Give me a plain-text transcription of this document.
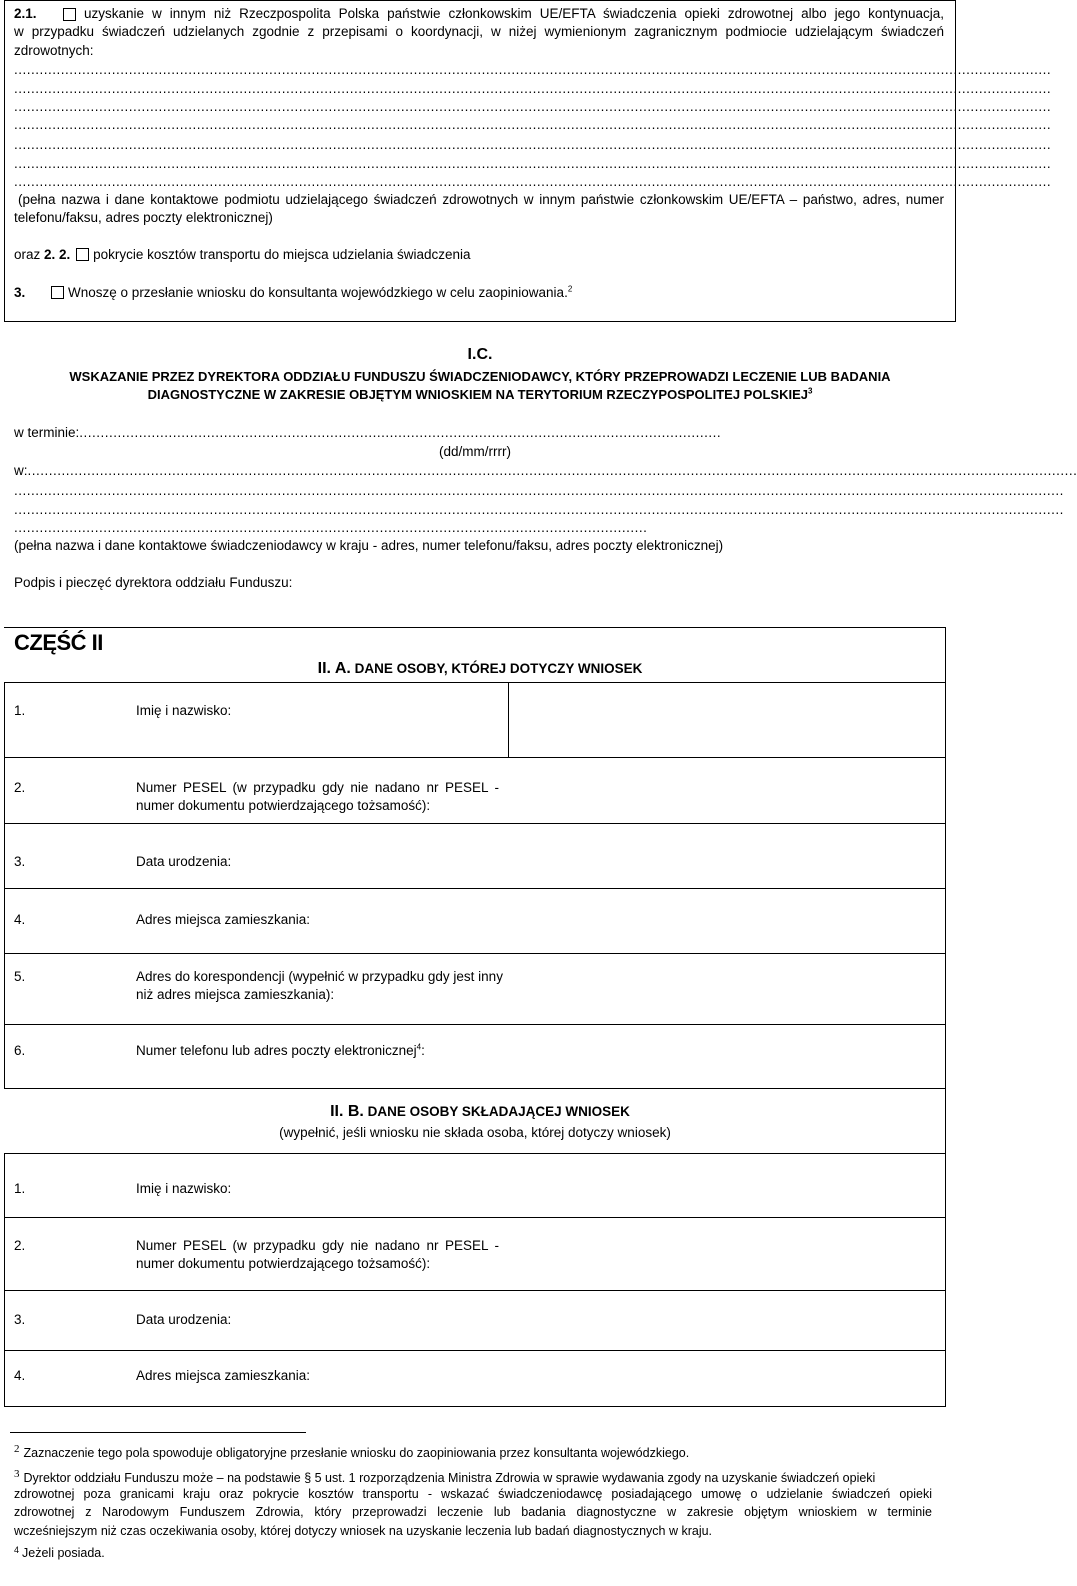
2.1.	uzyskanie w innym niż Rzeczpospolita Polska państwie członkowskim UE/EFTA świadczenia opieki zdrowotnej albo jego kontynuacja,
w przypadku świadczeń udzielanych zgodnie z przepisami o koordynacji, w niżej wymienionym zagranicznym podmiocie udzielającym świadczeń
zdrowotnych:
....................................................................................................................................................................................................................................................
....................................................................................................................................................................................................................................................
....................................................................................................................................................................................................................................................
....................................................................................................................................................................................................................................................
....................................................................................................................................................................................................................................................
....................................................................................................................................................................................................................................................
....................................................................................................................................................................................................................................................
(pełna nazwa i dane kontaktowe podmiotu udzielającego świadczeń zdrowotnych w innym państwie członkowskim UE/EFTA – państwo, adres, numer
telefonu/faksu, adres poczty elektronicznej)
oraz 2. 2. pokrycie kosztów transportu do miejsca udzielania świadczenia
3.	Wnoszę o przesłanie wniosku do konsultanta wojewódzkiego w celu zaopiniowania.$^2$
I.C.
WSKAZANIE PRZEZ DYREKTORA ODDZIAŁU FUNDUSZU ŚWIADCZENIODAWCY, KTÓRY PRZEPROWADZI LECZENIE LUB BADANIA
DIAGNOSTYCZNE W ZAKRESIE OBJĘTYM WNIOSKIEM NA TERYTORIUM RZECZYPOSPOLITEJ POLSKIEJ$^3$
w terminie:.......................................................................................................................................................
(dd/mm/rrrr)
w:.......................................................................................................................................................................................................................................................
.......................................................................................................................................................................................................................................................
.......................................................................................................................................................................................................................................................
.....................................................................................................................................................
(pełna nazwa i dane kontaktowe świadczeniodawcy w kraju - adres, numer telefonu/faksu, adres poczty elektronicznej)
Podpis i pieczęć dyrektora oddziału Funduszu:
CZĘŚĆ II
II. A. DANE OSOBY, KTÓREJ DOTYCZY WNIOSEK
1.	Imię i nazwisko:
2.	Numer PESEL (w przypadku gdy nie nadano nr PESEL -
numer dokumentu potwierdzającego tożsamość):
3.	Data urodzenia:
4.	Adres miejsca zamieszkania:
5.	Adres do korespondencji (wypełnić w przypadku gdy jest inny
niż adres miejsca zamieszkania):
6.	Numer telefonu lub adres poczty elektronicznej$^4$:
II. B. DANE OSOBY SKŁADAJĄCEJ WNIOSEK
(wypełnić, jeśli wniosku nie składa osoba, której dotyczy wniosek)
1.	Imię i nazwisko:
2.	Numer PESEL (w przypadku gdy nie nadano nr PESEL -
numer dokumentu potwierdzającego tożsamość):
3.	Data urodzenia:
4.	Adres miejsca zamieszkania:
2 Zaznaczenie tego pola spowoduje obligatoryjne przesłanie wniosku do zaopiniowania przez konsultanta wojewódzkiego.
3 Dyrektor oddziału Funduszu może – na podstawie § 5 ust. 1 rozporządzenia Ministra Zdrowia w sprawie wydawania zgody na uzyskanie świadczeń opieki
zdrowotnej poza granicami kraju oraz pokrycie kosztów transportu - wskazać świadczeniodawcę posiadającego umowę o udzielanie świadczeń opieki
zdrowotnej z Narodowym Funduszem Zdrowia, który przeprowadzi leczenie lub badania diagnostyczne w zakresie objętym wnioskiem w terminie
wcześniejszym niż czas oczekiwania osoby, której dotyczy wniosek na uzyskanie leczenia lub badań diagnostycznych w kraju.
$^4$ Jeżeli posiada.
